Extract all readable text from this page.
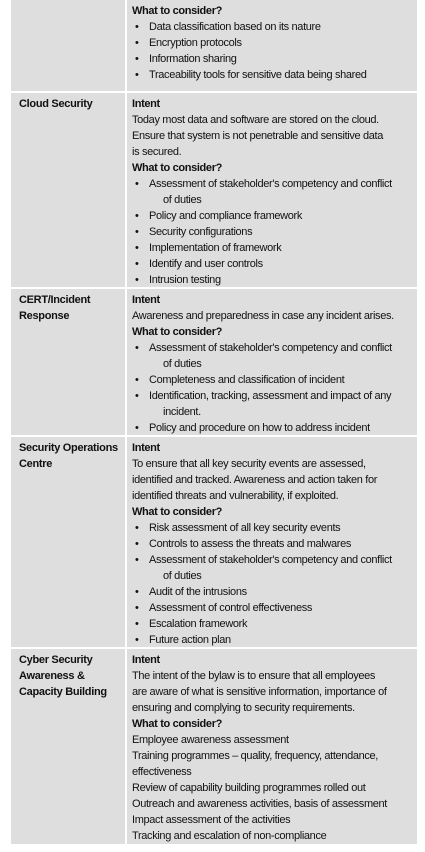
What to consider?
• Data classification based on its nature
• Encryption protocols
• Information sharing
• Traceability tools for sensitive data being shared
Cloud Security	Intent
Today most data and software are stored on the cloud.
Ensure that system is not penetrable and sensitive data
is secured.
What to consider?
• Assessment of stakeholder's competency and conflict
of duties
• Policy and compliance framework
• Security configurations
• Implementation of framework
• Identify and user controls
• Intrusion testing
CERT/Incident
Response
Intent
Awareness and preparedness in case any incident arises.
What to consider?
• Assessment of stakeholder's competency and conflict
of duties
• Completeness and classification of incident
• Identification, tracking, assessment and impact of any
incident.
• Policy and procedure on how to address incident
Security Operations
Centre
Intent
To ensure that all key security events are assessed,
identified and tracked. Awareness and action taken for
identified threats and vulnerability, if exploited.
What to consider?
• Risk assessment of all key security events
• Controls to assess the threats and malwares
• Assessment of stakeholder's competency and conflict
of duties
• Audit of the intrusions
• Assessment of control effectiveness
• Escalation framework
• Future action plan
Cyber Security
Awareness &
Capacity Building
Intent
The intent of the bylaw is to ensure that all employees
are aware of what is sensitive information, importance of
ensuring and complying to security requirements.
What to consider?
Employee awareness assessment
Training programmes – quality, frequency, attendance,
effectiveness
Review of capability building programmes rolled out
Outreach and awareness activities, basis of assessment
Impact assessment of the activities
Tracking and escalation of non-compliance
